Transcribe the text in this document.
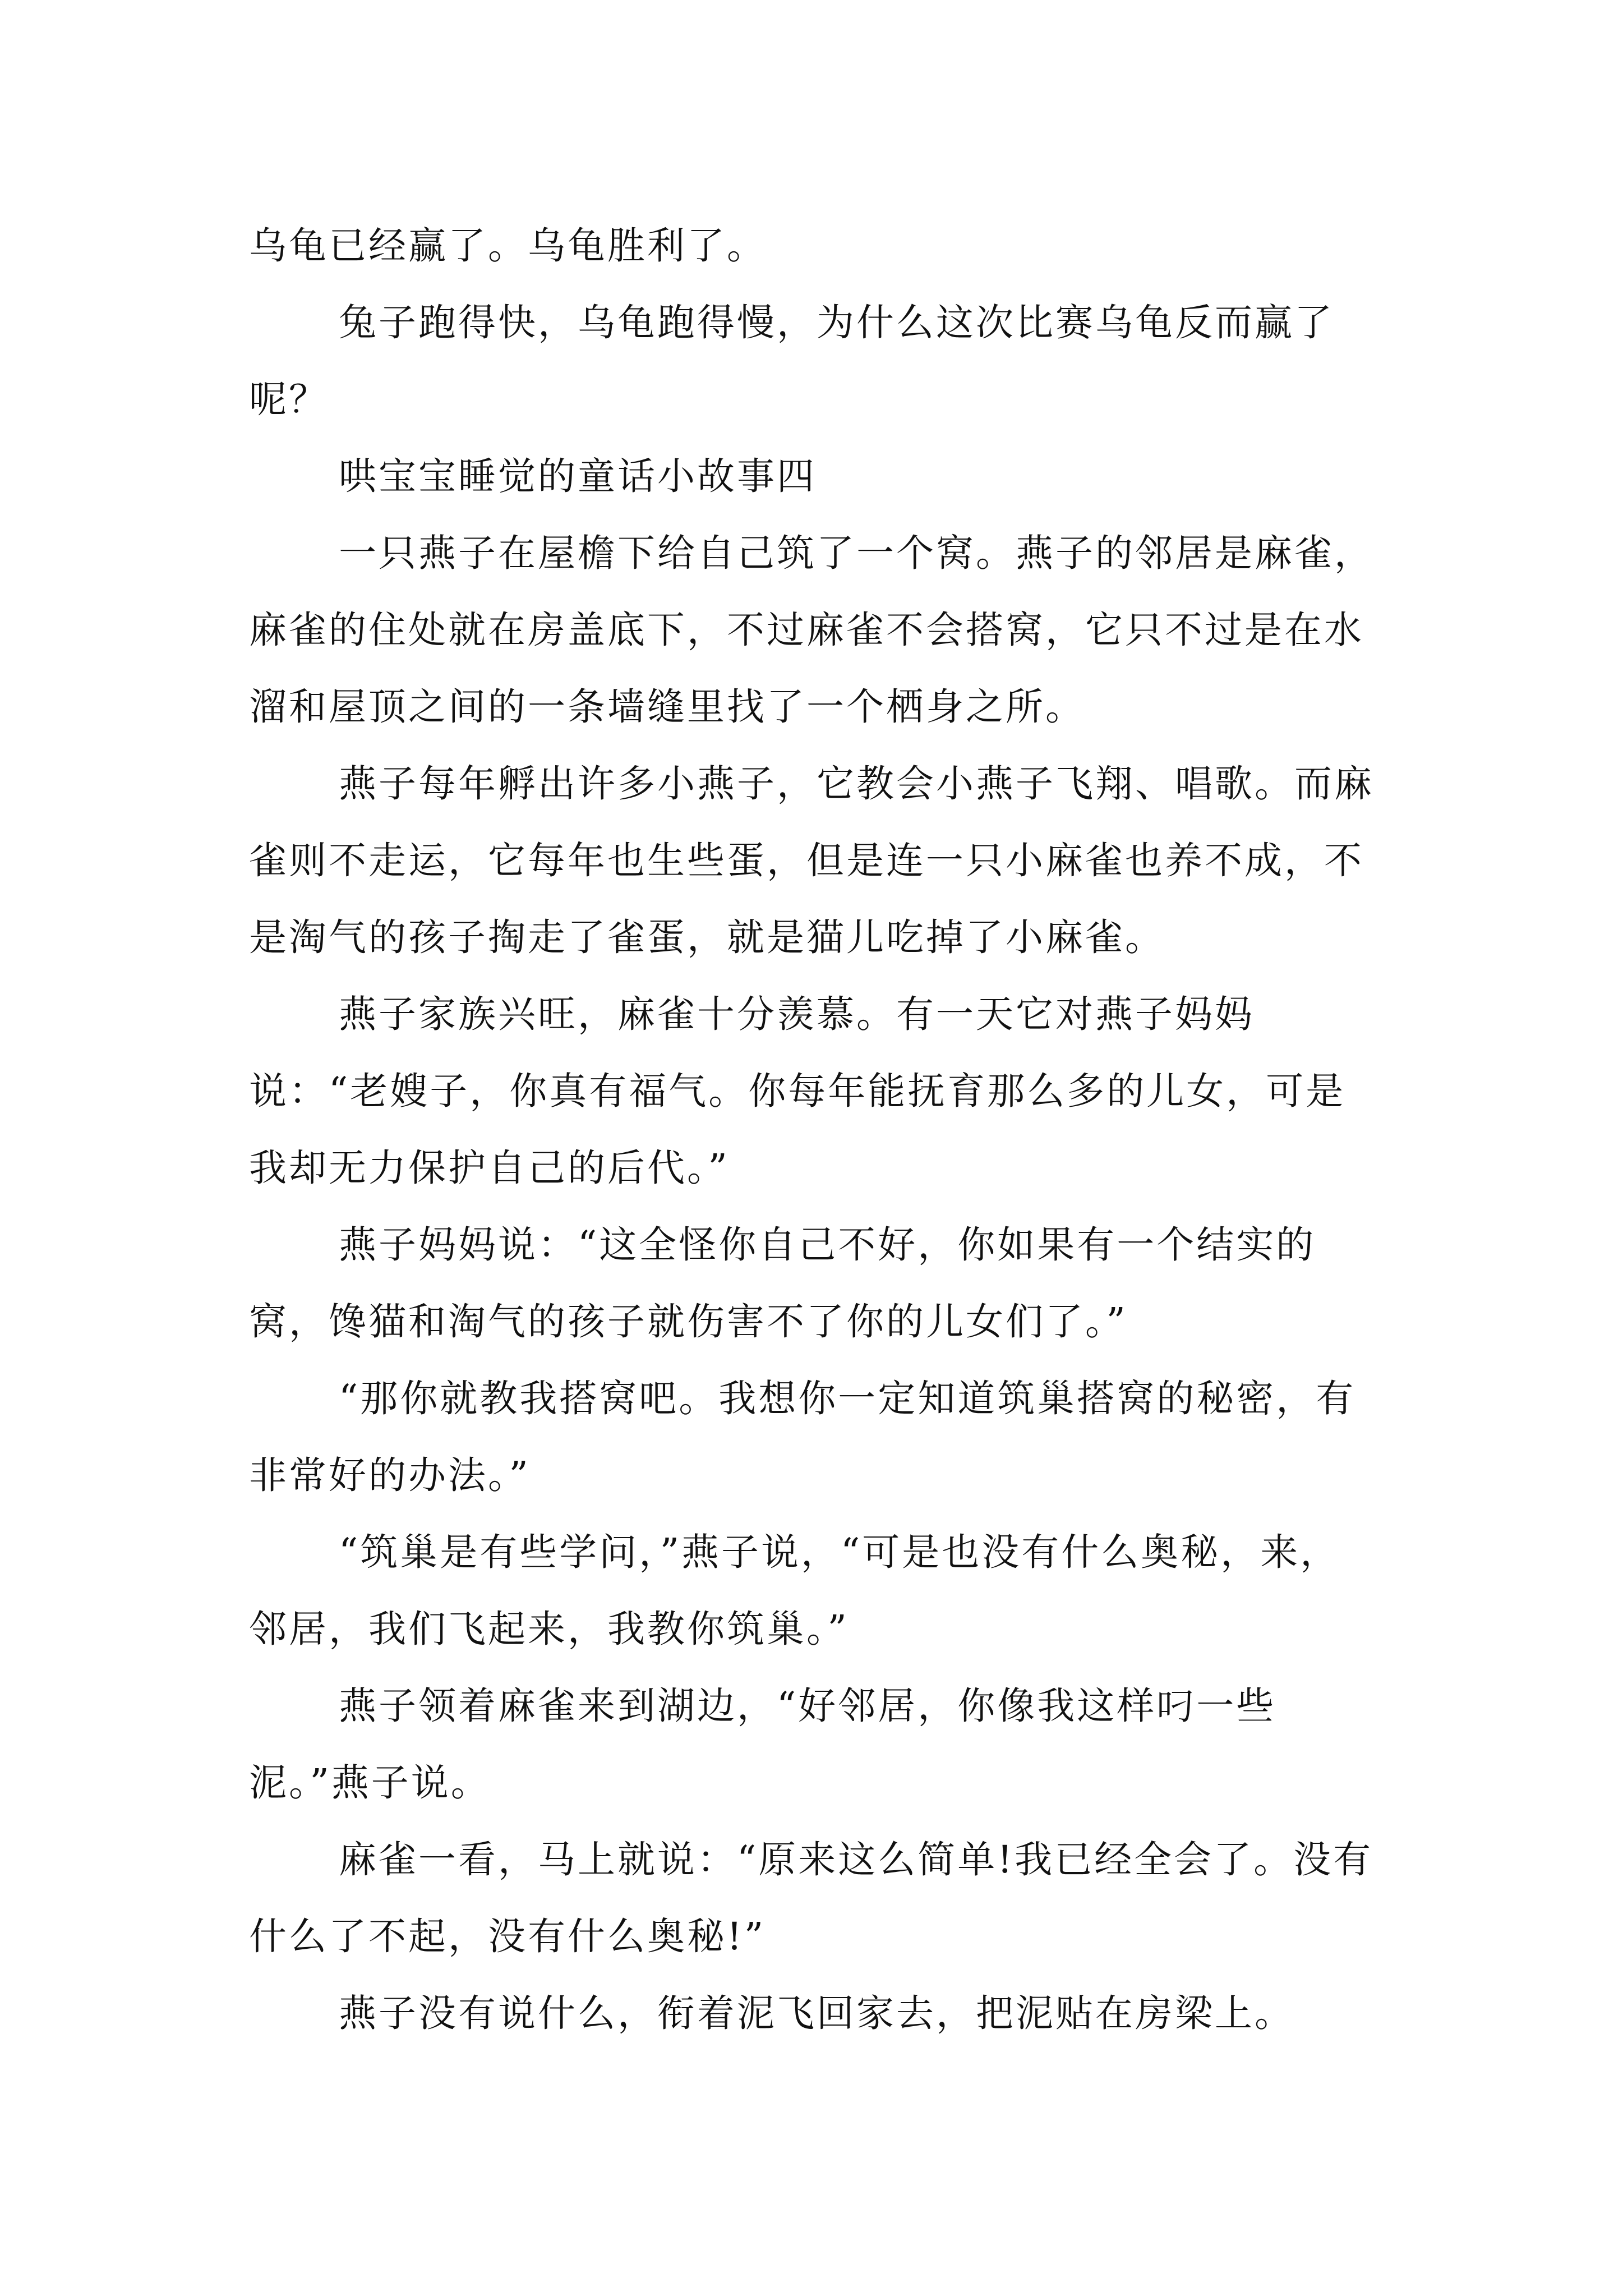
乌龟已经赢了。乌龟胜利了。

兔子跑得快，乌龟跑得慢，为什么这次比赛乌龟反而赢了呢？

哄宝宝睡觉的童话小故事四

一只燕子在屋檐下给自己筑了一个窝。燕子的邻居是麻雀，麻雀的住处就在房盖底下，不过麻雀不会搭窝，它只不过是在水溜和屋顶之间的一条墙缝里找了一个栖身之所。

燕子每年孵出许多小燕子，它教会小燕子飞翔、唱歌。而麻雀则不走运，它每年也生些蛋，但是连一只小麻雀也养不成，不是淘气的孩子掏走了雀蛋，就是猫儿吃掉了小麻雀。

燕子家族兴旺，麻雀十分羡慕。有一天它对燕子妈妈说：“老嫂子，你真有福气。你每年能抚育那么多的儿女，可是我却无力保护自己的后代。”

燕子妈妈说：“这全怪你自己不好，你如果有一个结实的窝，馋猫和淘气的孩子就伤害不了你的儿女们了。”

“那你就教我搭窝吧。我想你一定知道筑巢搭窝的秘密，有非常好的办法。”

“筑巢是有些学问，”燕子说，“可是也没有什么奥秘，来，邻居，我们飞起来，我教你筑巢。”

燕子领着麻雀来到湖边，“好邻居，你像我这样叼一些泥。”燕子说。

麻雀一看，马上就说：“原来这么简单!我已经全会了。没有什么了不起，没有什么奥秘!”

燕子没有说什么，衔着泥飞回家去，把泥贴在房梁上。
